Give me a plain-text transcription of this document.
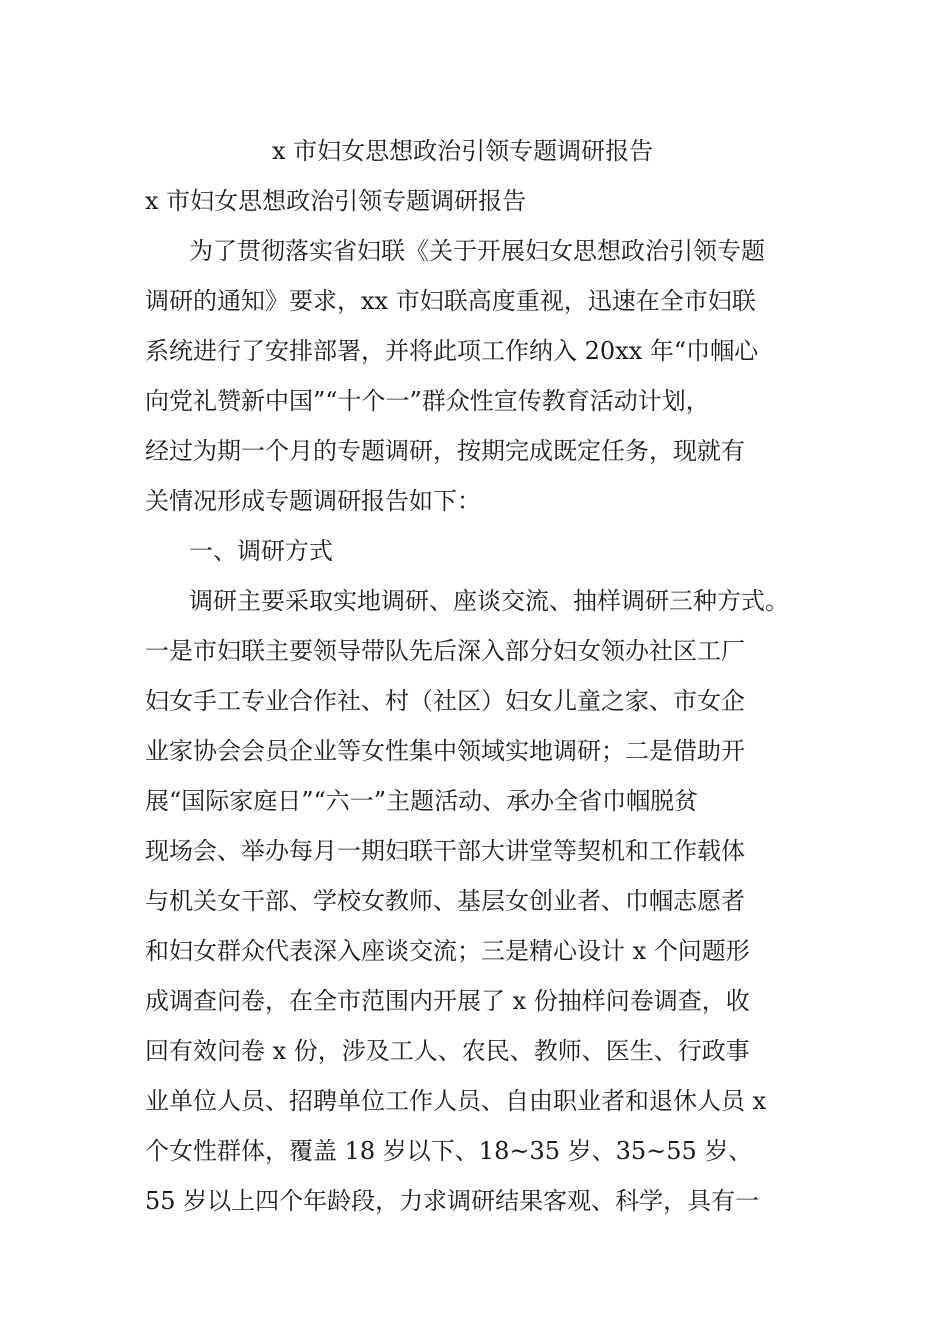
x 市妇女思想政治引领专题调研报告
x 市妇女思想政治引领专题调研报告
为了贯彻落实省妇联《关于开展妇女思想政治引领专题
调研的通知》要求，xx 市妇联高度重视，迅速在全市妇联
系统进行了安排部署，并将此项工作纳入 20xx 年“巾帼心
向党礼赞新中国”“十个一”群众性宣传教育活动计划，
经过为期一个月的专题调研，按期完成既定任务，现就有
关情况形成专题调研报告如下：
一、调研方式
调研主要采取实地调研、座谈交流、抽样调研三种方式。
一是市妇联主要领导带队先后深入部分妇女领办社区工厂
妇女手工专业合作社、村（社区）妇女儿童之家、市女企
业家协会会员企业等女性集中领域实地调研；二是借助开
展“国际家庭日”“六一”主题活动、承办全省巾帼脱贫
现场会、举办每月一期妇联干部大讲堂等契机和工作载体
与机关女干部、学校女教师、基层女创业者、巾帼志愿者
和妇女群众代表深入座谈交流；三是精心设计 x 个问题形
成调查问卷，在全市范围内开展了 x 份抽样问卷调查，收
回有效问卷 x 份，涉及工人、农民、教师、医生、行政事
业单位人员、招聘单位工作人员、自由职业者和退休人员 x
个女性群体，覆盖 18 岁以下、18~35 岁、35~55 岁、
55 岁以上四个年龄段，力求调研结果客观、科学，具有一
